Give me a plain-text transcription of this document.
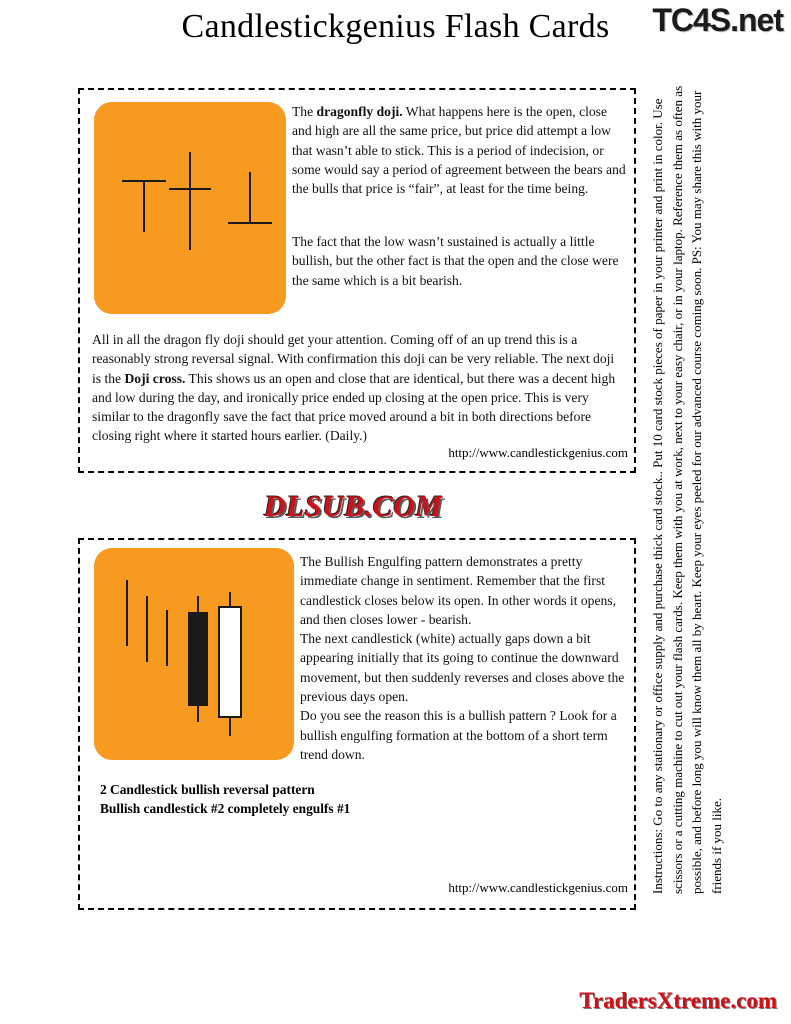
Candlestickgenius Flash Cards	TC4S.net
The dragonfly doji. What happens here is the open, close and high are all the same price, but price did attempt a low that wasn’t able to stick. This is a period of indecision, or some would say a period of agreement between the bears and the bulls that price is “fair”, at least for the time being.
The fact that the low wasn’t sustained is actually a little bullish, but the other fact is that the open and the close were the same which is a bit bearish.
All in all the dragon fly doji should get your attention. Coming off of an up trend this is a reasonably strong reversal signal. With confirmation this doji can be very reliable. The next doji is the Doji cross. This shows us an open and close that are identical, but there was a decent high and low during the day, and ironically price ended up closing at the open price. This is very similar to the dragonfly save the fact that price moved around a bit in both directions before closing right where it started hours earlier. (Daily.)
http://www.candlestickgenius.com
DLSUB.COM
The Bullish Engulfing pattern demonstrates a pretty immediate change in sentiment. Remember that the first candlestick closes below its open. In other words it opens, and then closes lower - bearish.
The next candlestick (white) actually gaps down a bit appearing initially that its going to continue the downward movement, but then suddenly reverses and closes above the previous days open.
Do you see the reason this is a bullish pattern ? Look for a bullish engulfing formation at the bottom of a short term trend down.
2 Candlestick bullish reversal pattern
Bullish candlestick #2 completely engulfs #1
http://www.candlestickgenius.com Instructions: Go to any stationary or office supply and purchase thick card stock.. Put 10 card stock pieces of paper in your printer and print in color. Use scissors or a cutting machine to cut out your flash cards. Keep them with you at work, next to your easy chair, or in your laptop. Reference them as often as possible, and before long you will know them all by heart. Keep your eyes peeled for our advanced course coming soon. PS: You may share this with your friends if you like.
TradersXtreme.com
